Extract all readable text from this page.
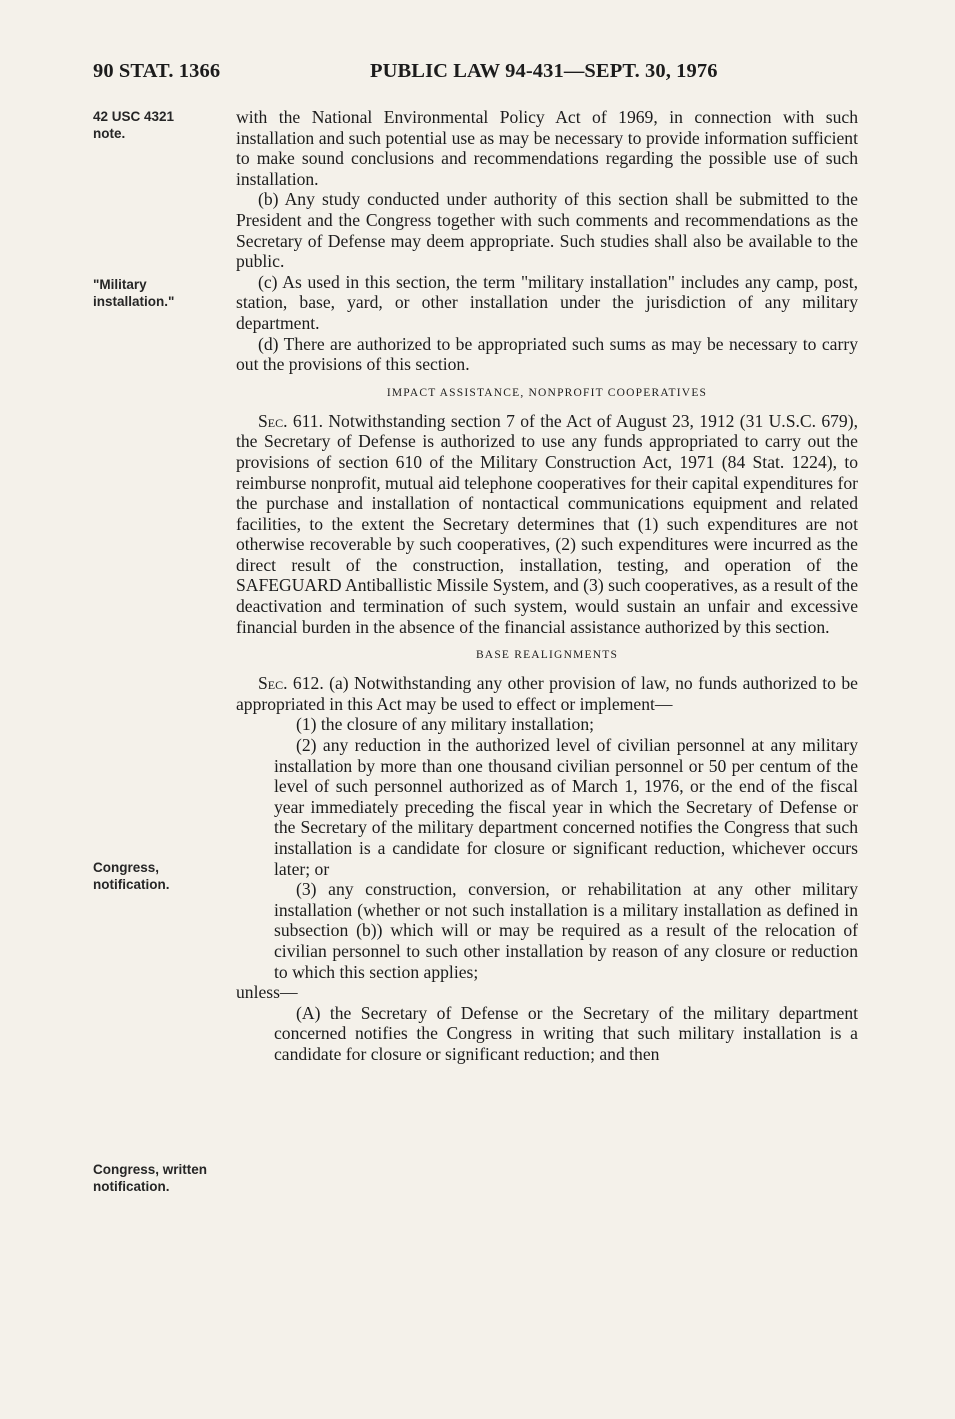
90 STAT. 1366	PUBLIC LAW 94-431—SEPT. 30, 1976
42 USC 4321
note.
"Military
installation."
Congress,
notification.
Congress, written
notification.

with the National Environmental Policy Act of 1969, in connection with such installation and such potential use as may be necessary to provide information sufficient to make sound conclusions and recommendations regarding the possible use of such installation.

(b) Any study conducted under authority of this section shall be submitted to the President and the Congress together with such comments and recommendations as the Secretary of Defense may deem appropriate. Such studies shall also be available to the public.

(c) As used in this section, the term "military installation" includes any camp, post, station, base, yard, or other installation under the jurisdiction of any military department.

(d) There are authorized to be appropriated such sums as may be necessary to carry out the provisions of this section.

IMPACT ASSISTANCE, NONPROFIT COOPERATIVES

Sec. 611. Notwithstanding section 7 of the Act of August 23, 1912 (31 U.S.C. 679), the Secretary of Defense is authorized to use any funds appropriated to carry out the provisions of section 610 of the Military Construction Act, 1971 (84 Stat. 1224), to reimburse nonprofit, mutual aid telephone cooperatives for their capital expenditures for the purchase and installation of nontactical communications equipment and related facilities, to the extent the Secretary determines that (1) such expenditures are not otherwise recoverable by such cooperatives, (2) such expenditures were incurred as the direct result of the construction, installation, testing, and operation of the SAFEGUARD Antiballistic Missile System, and (3) such cooperatives, as a result of the deactivation and termination of such system, would sustain an unfair and excessive financial burden in the absence of the financial assistance authorized by this section.

BASE REALIGNMENTS

Sec. 612. (a) Notwithstanding any other provision of law, no funds authorized to be appropriated in this Act may be used to effect or implement—

(1) the closure of any military installation;

(2) any reduction in the authorized level of civilian personnel at any military installation by more than one thousand civilian personnel or 50 per centum of the level of such personnel authorized as of March 1, 1976, or the end of the fiscal year immediately preceding the fiscal year in which the Secretary of Defense or the Secretary of the military department concerned notifies the Congress that such installation is a candidate for closure or significant reduction, whichever occurs later; or

(3) any construction, conversion, or rehabilitation at any other military installation (whether or not such installation is a military installation as defined in subsection (b)) which will or may be required as a result of the relocation of civilian personnel to such other installation by reason of any closure or reduction to which this section applies;

unless—

(A) the Secretary of Defense or the Secretary of the military department concerned notifies the Congress in writing that such military installation is a candidate for closure or significant reduction; and then
